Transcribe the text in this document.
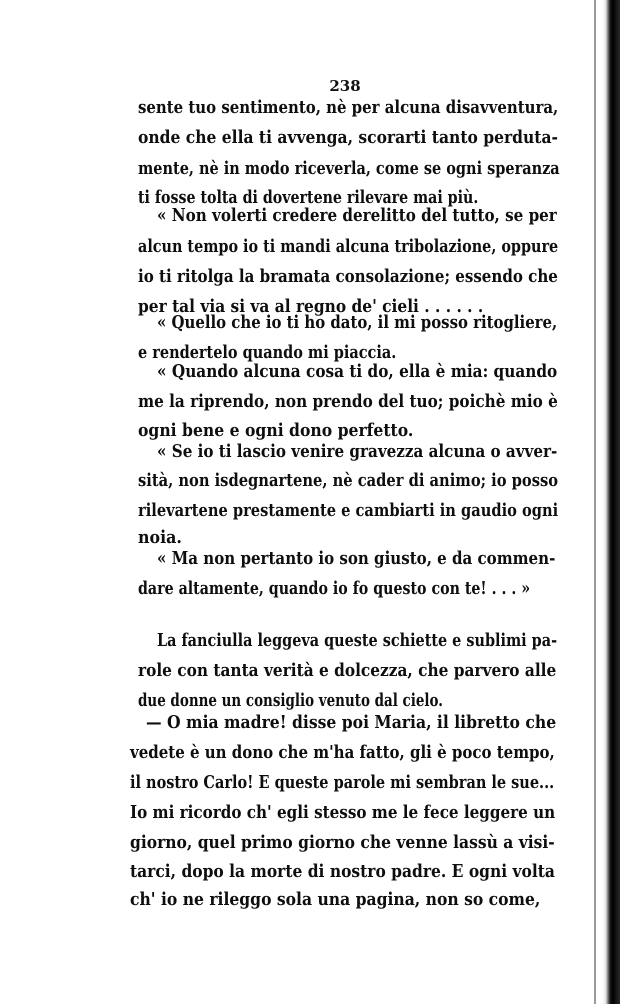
238
sente tuo sentimento, nè per alcuna disavventura,
onde che ella ti avvenga, scorarti tanto perduta-
mente, nè in modo riceverla, come se ogni speranza
ti fosse tolta di dovertene rilevare mai più.
« Non volerti credere derelitto del tutto, se per
alcun tempo io ti mandi alcuna tribolazione, oppure
io ti ritolga la bramata consolazione; essendo che
per tal via si va al regno de' cieli . . . . . .
« Quello che io ti ho dato, il mi posso ritogliere,
e rendertelo quando mi piaccia.
« Quando alcuna cosa ti do, ella è mia: quando
me la riprendo, non prendo del tuo; poichè mio è
ogni bene e ogni dono perfetto.
« Se io ti lascio venire gravezza alcuna o avver-
sità, non isdegnartene, nè cader di animo; io posso
rilevartene prestamente e cambiarti in gaudio ogni
noia.
« Ma non pertanto io son giusto, e da commen-
dare altamente, quando io fo questo con te! . . . »
La fanciulla leggeva queste schiette e sublimi pa-
role con tanta verità e dolcezza, che parvero alle
due donne un consiglio venuto dal cielo.
— O mia madre! disse poi Maria, il libretto che
vedete è un dono che m'ha fatto, gli è poco tempo,
il nostro Carlo! E queste parole mi sembran le sue...
Io mi ricordo ch' egli stesso me le fece leggere un
giorno, quel primo giorno che venne lassù a visi-
tarci, dopo la morte di nostro padre. E ogni volta
ch' io ne rileggo sola una pagina, non so come,
